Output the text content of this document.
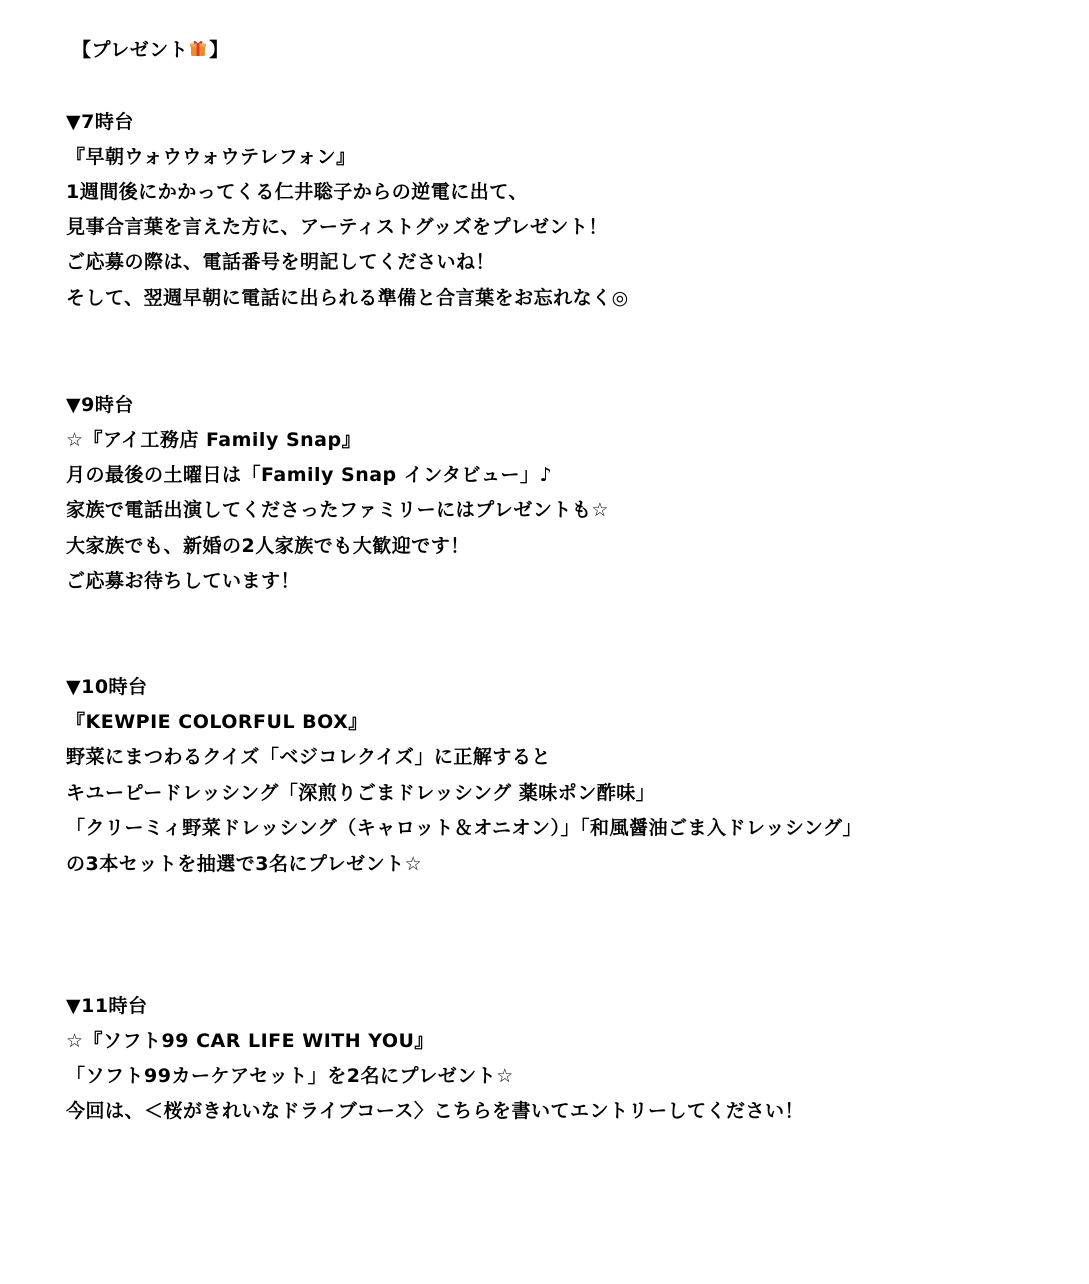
【プレゼント 】
▼7時台
『早朝ウォウウォウテレフォン』
1週間後にかかってくる仁井聡子からの逆電に出て、
見事合言葉を言えた方に、アーティストグッズをプレゼント！
ご応募の際は、電話番号を明記してくださいね！
そして、翌週早朝に電話に出られる準備と合言葉をお忘れなく◎
▼9時台
☆『アイ工務店 Family Snap』
月の最後の土曜日は「Family Snap インタビュー」♪
家族で電話出演してくださったファミリーにはプレゼントも☆
大家族でも、新婚の2人家族でも大歓迎です！
ご応募お待ちしています！
▼10時台
『KEWPIE COLORFUL BOX』
野菜にまつわるクイズ「ベジコレクイズ」に正解すると
キユーピードレッシング「深煎りごまドレッシング 薬味ポン酢味」
「クリーミィ野菜ドレッシング（キャロット＆オニオン）」「和風醤油ごま入ドレッシング」
の3本セットを抽選で3名にプレゼント☆
▼11時台
☆『ソフト99 CAR LIFE WITH YOU』
「ソフト99カーケアセット」を2名にプレゼント☆
今回は、＜桜がきれいなドライブコース〉こちらを書いてエントリーしてください！
